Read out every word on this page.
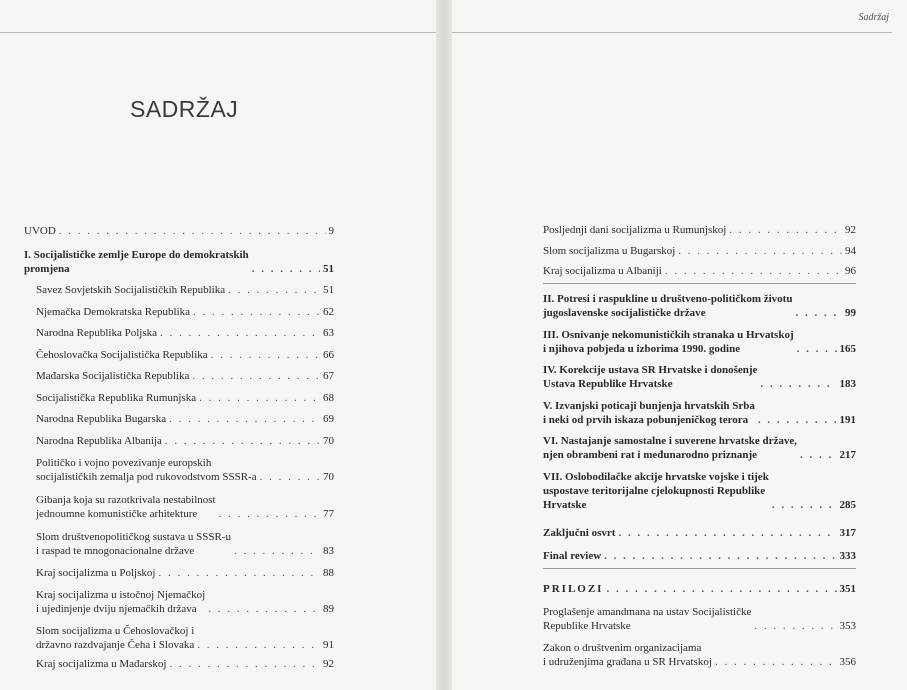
Sadržaj
SADRŽAJ
UVOD . . .	9
I. Socijalističke zemlje Europe do demokratskih
promjena . . .	51
Savez Sovjetskih Socijalističkih Republika . . .	51
Njemačka Demokratska Republika . . .	62
Narodna Republika Poljska . . .	63
Čehoslovačka Socijalistička Republika . . .	66
Mađarska Socijalistička Republika . . .	67
Socijalistička Republika Rumunjska . . .	68
Narodna Republika Bugarska . . .	69
Narodna Republika Albanija . . .	70
Političko i vojno povezivanje europskih
socijalističkih zemalja pod rukovodstvom SSSR-a . . .	70
Gibanja koja su razotkrivala nestabilnost
jednoumne komunističke arhitekture . . .	77
Slom društvenopolitičkog sustava u SSSR-u
i raspad te mnogonacionalne države . . .	83
Kraj socijalizma u Poljskoj . . .	88
Kraj socijalizma u istočnoj Njemačkoj
i ujedinjenje dviju njemačkih država . . .	89
Slom socijalizma u Čehoslovačkoj i
državno razdvajanje Čeha i Slovaka . . .	91
Kraj socijalizma u Mađarskoj . . .	92
Posljednji dani socijalizma u Rumunjskoj . . .	92
Slom socijalizma u Bugarskoj . . .	94
Kraj socijalizma u Albaniji . . .	96
II. Potresi i raspukline u društveno-političkom životu
jugoslavenske socijalističke države . . .	99
III. Osnivanje nekomunističkih stranaka u Hrvatskoj
i njihova pobjeda u izborima 1990. godine . . .	165
IV. Korekcije ustava SR Hrvatske i donošenje
Ustava Republike Hrvatske . . .	183
V. Izvanjski poticaji bunjenja hrvatskih Srba
i neki od prvih iskaza pobunjeničkog terora . . .	191
VI. Nastajanje samostalne i suverene hrvatske države,
njen obrambeni rat i međunarodno priznanje . . .	217
VII. Oslobodilačke akcije hrvatske vojske i tijek
uspostave teritorijalne cjelokupnosti Republike
Hrvatske . . .	285
Zaključni osvrt . . .	317
Final review . . .	333
PRILOZI . . .	351
Proglašenje amandmana na ustav Socijalističke
Republike Hrvatske . . .	353
Zakon o društvenim organizacijama
i udruženjima građana u SR Hrvatskoj . . .	356
